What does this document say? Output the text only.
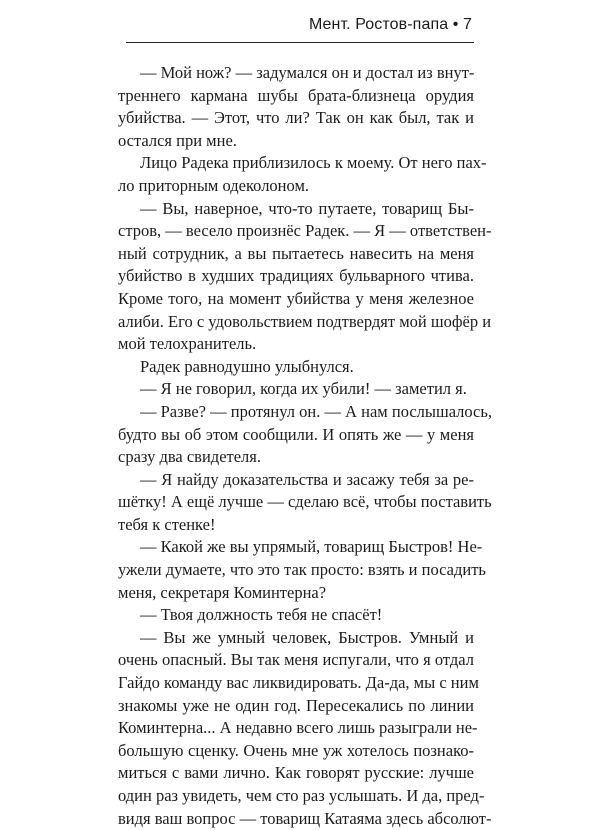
Мент. Ростов-папа • 7
— Мой нож? — задумался он и достал из внут-
треннего кармана шубы брата-близнеца орудия
убийства. — Этот, что ли? Так он как был, так и
остался при мне.
Лицо Радека приблизилось к моему. От него пах-
ло приторным одеколоном.
— Вы, наверное, что-то путаете, товарищ Бы-
стров, — весело произнёс Радек. — Я — ответствен-
ный сотрудник, а вы пытаетесь навесить на меня
убийство в худших традициях бульварного чтива.
Кроме того, на момент убийства у меня железное
алиби. Его с удовольствием подтвердят мой шофёр и
мой телохранитель.
Радек равнодушно улыбнулся.
— Я не говорил, когда их убили! — заметил я.
— Разве? — протянул он. — А нам послышалось,
будто вы об этом сообщили. И опять же — у меня
сразу два свидетеля.
— Я найду доказательства и засажу тебя за ре-
шётку! А ещё лучше — сделаю всё, чтобы поставить
тебя к стенке!
— Какой же вы упрямый, товарищ Быстров! Не-
ужели думаете, что это так просто: взять и посадить
меня, секретаря Коминтерна?
— Твоя должность тебя не спасёт!
— Вы же умный человек, Быстров. Умный и
очень опасный. Вы так меня испугали, что я отдал
Гайдо команду вас ликвидировать. Да-да, мы с ним
знакомы уже не один год. Пересекались по линии
Коминтерна... А недавно всего лишь разыграли не-
большую сценку. Очень мне уж хотелось познако-
миться с вами лично. Как говорят русские: лучше
один раз увидеть, чем сто раз услышать. И да, пред-
видя ваш вопрос — товарищ Катаяма здесь абсолют-
